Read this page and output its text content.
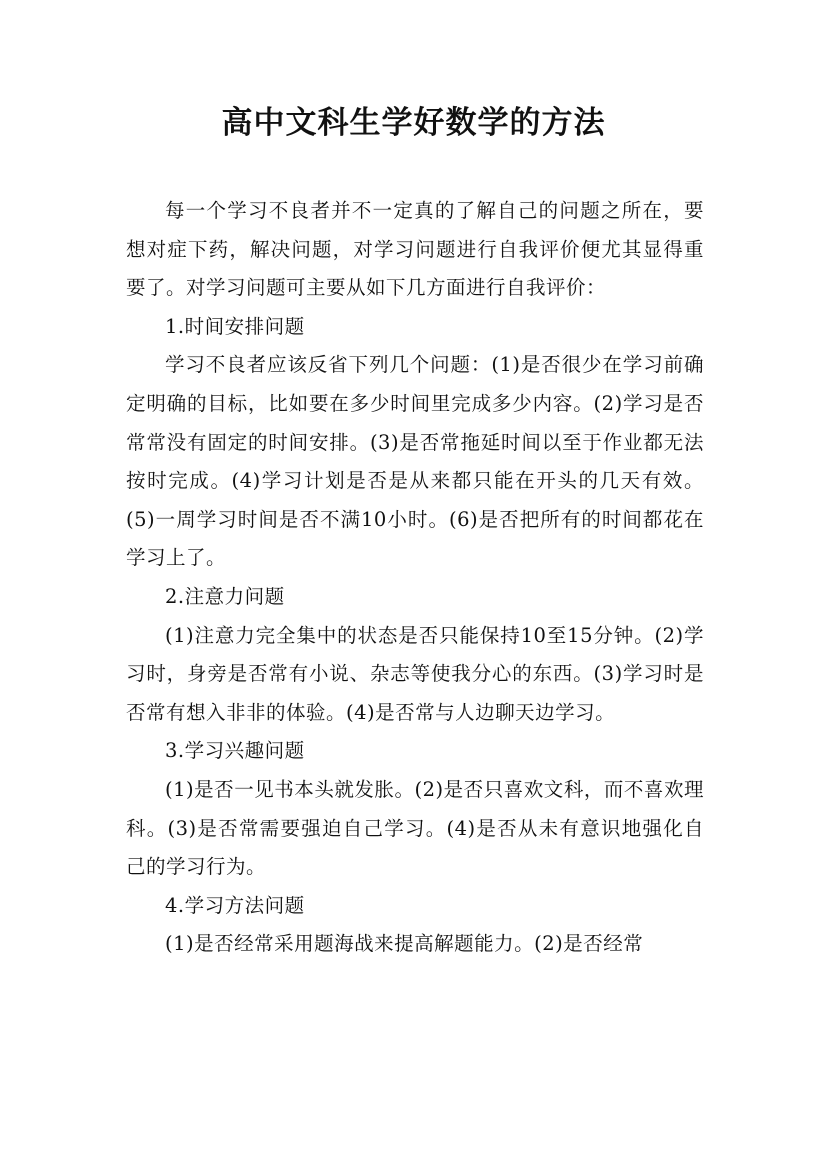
高中文科生学好数学的方法

每一个学习不良者并不一定真的了解自己的问题之所在，要想对症下药，解决问题，对学习问题进行自我评价便尤其显得重要了。对学习问题可主要从如下几方面进行自我评价：

1.时间安排问题

学习不良者应该反省下列几个问题：(1)是否很少在学习前确定明确的目标，比如要在多少时间里完成多少内容。(2)学习是否常常没有固定的时间安排。(3)是否常拖延时间以至于作业都无法按时完成。(4)学习计划是否是从来都只能在开头的几天有效。(5)一周学习时间是否不满10小时。(6)是否把所有的时间都花在学习上了。

2.注意力问题

(1)注意力完全集中的状态是否只能保持10至15分钟。(2)学习时，身旁是否常有小说、杂志等使我分心的东西。(3)学习时是否常有想入非非的体验。(4)是否常与人边聊天边学习。

3.学习兴趣问题

(1)是否一见书本头就发胀。(2)是否只喜欢文科，而不喜欢理科。(3)是否常需要强迫自己学习。(4)是否从未有意识地强化自己的学习行为。

4.学习方法问题

(1)是否经常采用题海战来提高解题能力。(2)是否经常
